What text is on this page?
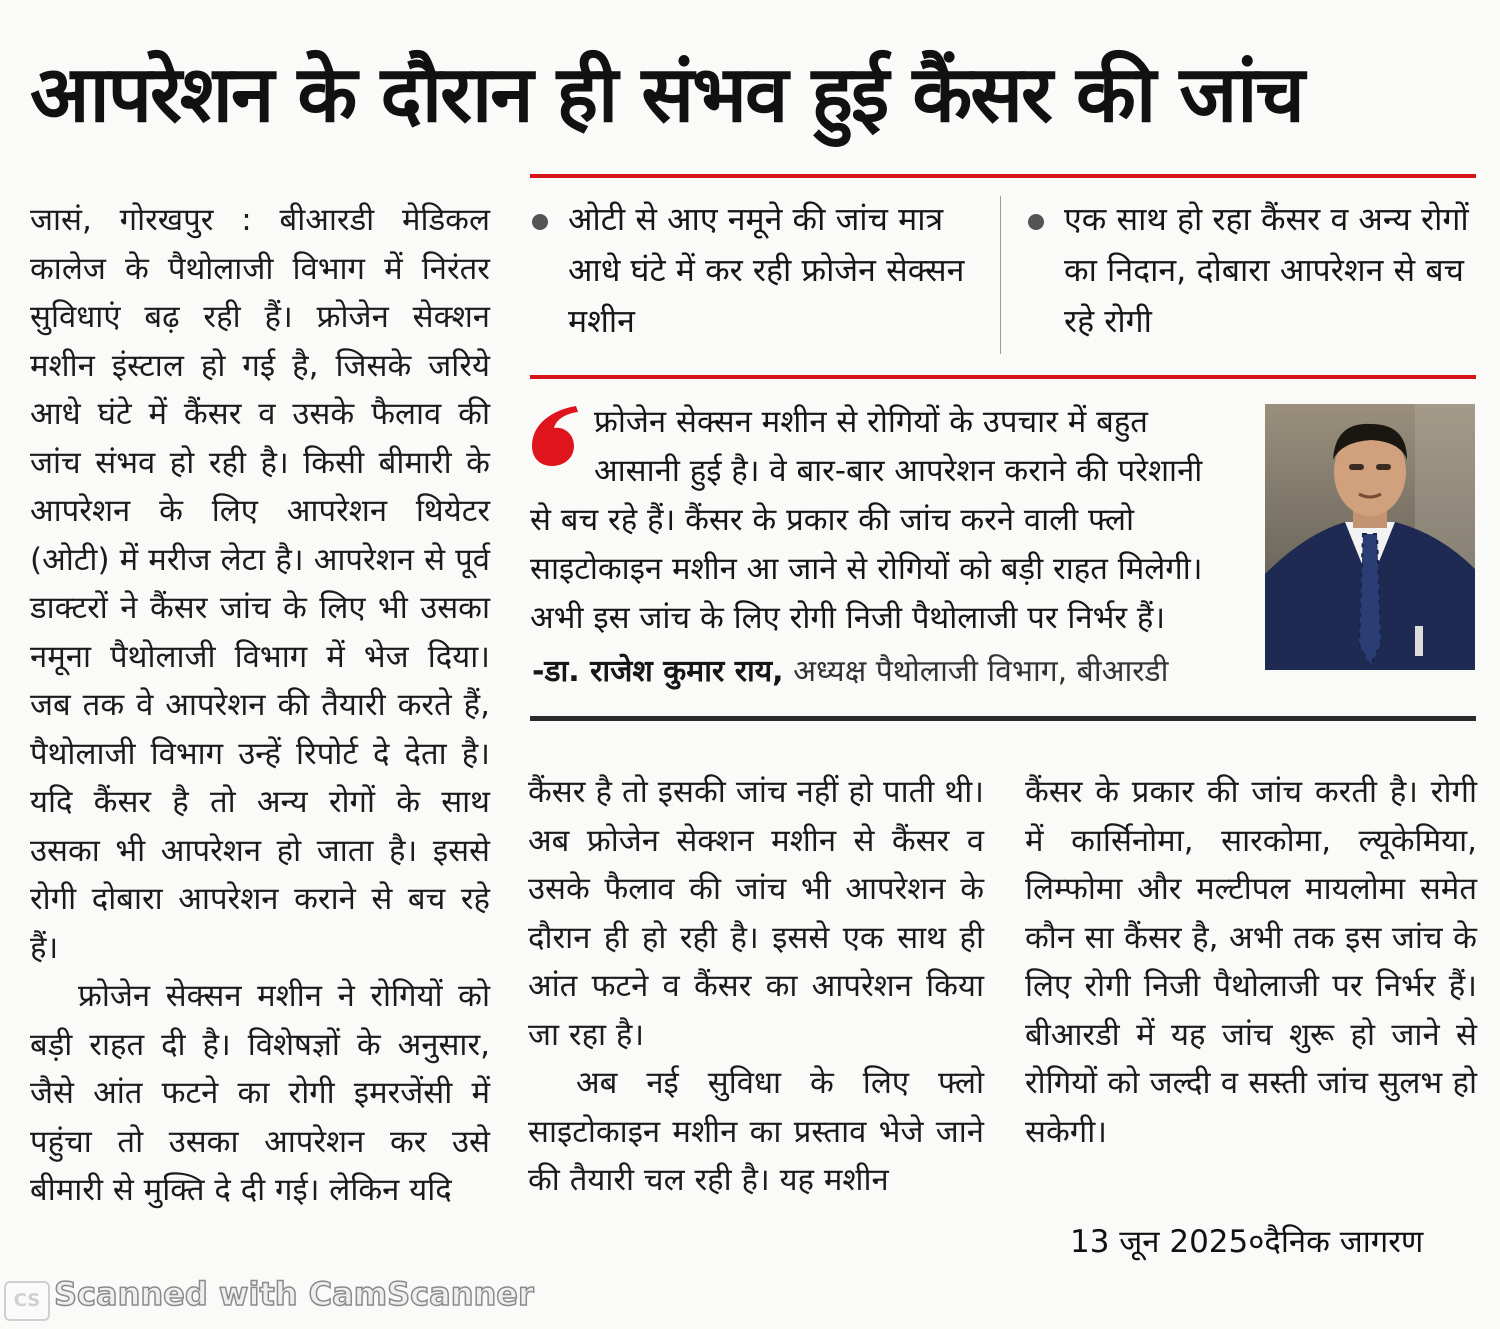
आपरेशन के दौरान ही संभव हुई कैंसर की जांच

जासं, गोरखपुर : बीआरडी मेडिकल कालेज के पैथोलाजी विभाग में निरंतर सुविधाएं बढ़ रही हैं। फ्रोजेन सेक्शन मशीन इंस्टाल हो गई है, जिसके जरिये आधे घंटे में कैंसर व उसके फैलाव की जांच संभव हो रही है। किसी बीमारी के आपरेशन के लिए आपरेशन थियेटर (ओटी) में मरीज लेटा है। आपरेशन से पूर्व डाक्टरों ने कैंसर जांच के लिए भी उसका नमूना पैथोलाजी विभाग में भेज दिया। जब तक वे आपरेशन की तैयारी करते हैं, पैथोलाजी विभाग उन्हें रिपोर्ट दे देता है। यदि कैंसर है तो अन्य रोगों के साथ उसका भी आपरेशन हो जाता है। इससे रोगी दोबारा आपरेशन कराने से बच रहे हैं।

फ्रोजेन सेक्सन मशीन ने रोगियों को बड़ी राहत दी है। विशेषज्ञों के अनुसार, जैसे आंत फटने का रोगी इमरजेंसी में पहुंचा तो उसका आपरेशन कर उसे बीमारी से मुक्ति दे दी गई। लेकिन यदि

ओटी से आए नमूने की जांच मात्र आधे घंटे में कर रही फ्रोजेन सेक्सन मशीन
एक साथ हो रहा कैंसर व अन्य रोगों का निदान, दोबारा आपरेशन से बच रहे रोगी
फ्रोजेन सेक्सन मशीन से रोगियों के उपचार में बहुत
आसानी हुई है। वे बार-बार आपरेशन कराने की परेशानी
से बच रहे हैं। कैंसर के प्रकार की जांच करने वाली फ्लो साइटोकाइन मशीन आ जाने से रोगियों को बड़ी राहत मिलेगी। अभी इस जांच के लिए रोगी निजी पैथोलाजी पर निर्भर हैं।
-डा. राजेश कुमार राय, अध्यक्ष पैथोलाजी विभाग, बीआरडी

कैंसर है तो इसकी जांच नहीं हो पाती थी। अब फ्रोजेन सेक्शन मशीन से कैंसर व उसके फैलाव की जांच भी आपरेशन के दौरान ही हो रही है। इससे एक साथ ही आंत फटने व कैंसर का आपरेशन किया जा रहा है।

अब नई सुविधा के लिए फ्लो साइटोकाइन मशीन का प्रस्ताव भेजे जाने की तैयारी चल रही है। यह मशीन

कैंसर के प्रकार की जांच करती है। रोगी में कार्सिनोमा, सारकोमा, ल्यूकेमिया, लिम्फोमा और मल्टीपल मायलोमा समेत कौन सा कैंसर है, अभी तक इस जांच के लिए रोगी निजी पैथोलाजी पर निर्भर हैं। बीआरडी में यह जांच शुरू हो जाने से रोगियों को जल्दी व सस्ती जांच सुलभ हो सकेगी।

13 जून 2025०दैनिक जागरण
CS Scanned with CamScanner
